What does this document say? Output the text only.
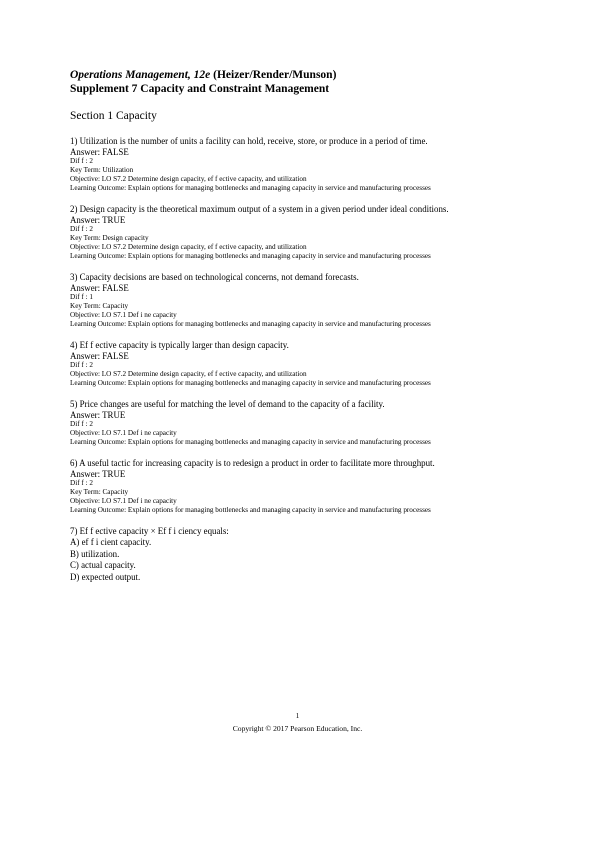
Operations Management, 12e (Heizer/Render/Munson)
Supplement 7 Capacity and Constraint Management
Section 1 Capacity
1) Utilization is the number of units a facility can hold, receive, store, or produce in a period of time.
Answer: FALSE
Dif f : 2
Key Term: Utilization
Objective: LO S7.2 Determine design capacity, ef f ective capacity, and utilization
Learning Outcome: Explain options for managing bottlenecks and managing capacity in service and manufacturing processes
2) Design capacity is the theoretical maximum output of a system in a given period under ideal conditions.
Answer: TRUE
Dif f : 2
Key Term: Design capacity
Objective: LO S7.2 Determine design capacity, ef f ective capacity, and utilization
Learning Outcome: Explain options for managing bottlenecks and managing capacity in service and manufacturing processes
3) Capacity decisions are based on technological concerns, not demand forecasts.
Answer: FALSE
Dif f : 1
Key Term: Capacity
Objective: LO S7.1 Def i ne capacity
Learning Outcome: Explain options for managing bottlenecks and managing capacity in service and manufacturing processes
4) Ef f ective capacity is typically larger than design capacity.
Answer: FALSE
Dif f : 2
Objective: LO S7.2 Determine design capacity, ef f ective capacity, and utilization
Learning Outcome: Explain options for managing bottlenecks and managing capacity in service and manufacturing processes
5) Price changes are useful for matching the level of demand to the capacity of a facility.
Answer: TRUE
Dif f : 2
Objective: LO S7.1 Def i ne capacity
Learning Outcome: Explain options for managing bottlenecks and managing capacity in service and manufacturing processes
6) A useful tactic for increasing capacity is to redesign a product in order to facilitate more throughput.
Answer: TRUE
Dif f : 2
Key Term: Capacity
Objective: LO S7.1 Def i ne capacity
Learning Outcome: Explain options for managing bottlenecks and managing capacity in service and manufacturing processes
7) Ef f ective capacity × Ef f i ciency equals:
A) ef f i cient capacity.
B) utilization.
C) actual capacity.
D) expected output.
1
Copyright © 2017 Pearson Education, Inc.
